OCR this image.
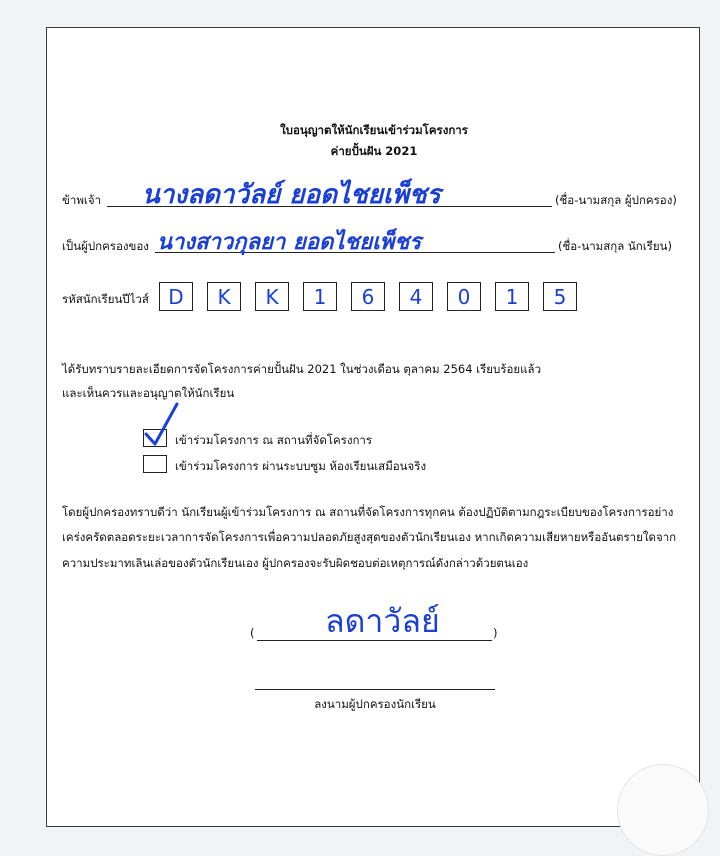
ใบอนุญาตให้นักเรียนเข้าร่วมโครงการ
ค่ายปั้นฝัน 2021
ข้าพเจ้า นางลดาวัลย์ ยอดไชยเพ็ชร	(ชื่อ-นามสกุล ผู้ปกครอง)
เป็นผู้ปกครองของ นางสาวกุลยา ยอดไชยเพ็ชร	(ชื่อ-นามสกุล นักเรียน)
รหัสนักเรียนปีไวส์ D	K	K	1	6	4	0	1	5
ได้รับทราบรายละเอียดการจัดโครงการค่ายปั้นฝัน 2021 ในช่วงเดือน ตุลาคม 2564 เรียบร้อยแล้ว
และเห็นควรและอนุญาตให้นักเรียน
เข้าร่วมโครงการ ณ สถานที่จัดโครงการ
เข้าร่วมโครงการ ผ่านระบบซูม ห้องเรียนเสมือนจริง
โดยผู้ปกครองทราบดีว่า นักเรียนผู้เข้าร่วมโครงการ ณ สถานที่จัดโครงการทุกคน ต้องปฏิบัติตามกฎระเบียบของโครงการอย่าง
เคร่งครัดตลอดระยะเวลาการจัดโครงการเพื่อความปลอดภัยสูงสุดของตัวนักเรียนเอง หากเกิดความเสียหายหรืออันตรายใดจาก
ความประมาทเลินเล่อของตัวนักเรียนเอง ผู้ปกครองจะรับผิดชอบต่อเหตุการณ์ดังกล่าวด้วยตนเอง
(	)
ลดาวัลย์
ลงนามผู้ปกครองนักเรียน
